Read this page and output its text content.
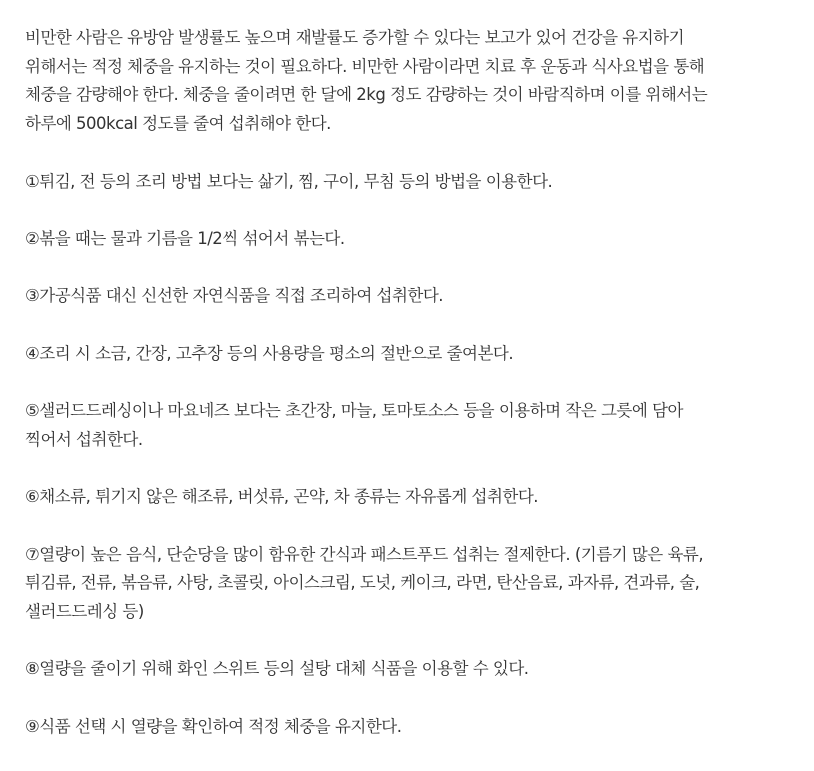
비만한 사람은 유방암 발생률도 높으며 재발률도 증가할 수 있다는 보고가 있어 건강을 유지하기
위해서는 적정 체중을 유지하는 것이 필요하다. 비만한 사람이라면 치료 후 운동과 식사요법을 통해
체중을 감량해야 한다. 체중을 줄이려면 한 달에 2kg 정도 감량하는 것이 바람직하며 이를 위해서는
하루에 500kcal 정도를 줄여 섭취해야 한다.

①튀김, 전 등의 조리 방법 보다는 삶기, 찜, 구이, 무침 등의 방법을 이용한다.

②볶을 때는 물과 기름을 1/2씩 섞어서 볶는다.

③가공식품 대신 신선한 자연식품을 직접 조리하여 섭취한다.

④조리 시 소금, 간장, 고추장 등의 사용량을 평소의 절반으로 줄여본다.

⑤샐러드드레싱이나 마요네즈 보다는 초간장, 마늘, 토마토소스 등을 이용하며 작은 그릇에 담아
찍어서 섭취한다.

⑥채소류, 튀기지 않은 해조류, 버섯류, 곤약, 차 종류는 자유롭게 섭취한다.

⑦열량이 높은 음식, 단순당을 많이 함유한 간식과 패스트푸드 섭취는 절제한다. (기름기 많은 육류,
튀김류, 전류, 볶음류, 사탕, 초콜릿, 아이스크림, 도넛, 케이크, 라면, 탄산음료, 과자류, 견과류, 술,
샐러드드레싱 등)

⑧열량을 줄이기 위해 화인 스위트 등의 설탕 대체 식품을 이용할 수 있다.

⑨식품 선택 시 열량을 확인하여 적정 체중을 유지한다.
